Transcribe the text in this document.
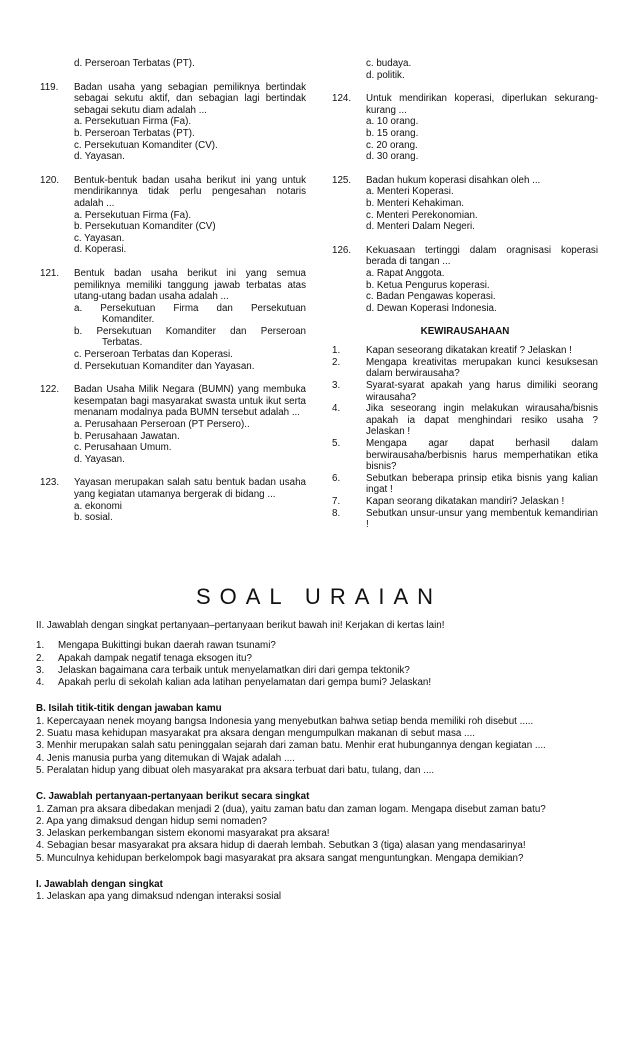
d. Perseroan Terbatas (PT).
119. Badan usaha yang sebagian pemiliknya bertindak sebagai sekutu aktif, dan sebagian lagi bertindak sebagai sekutu diam adalah ...
a. Persekutuan Firma (Fa).
b. Perseroan Terbatas (PT).
c. Persekutuan Komanditer (CV).
d. Yayasan.
120. Bentuk-bentuk badan usaha berikut ini yang untuk mendirikannya tidak perlu pengesahan notaris adalah ...
a. Persekutuan Firma (Fa).
b. Persekutuan Komanditer (CV)
c. Yayasan.
d. Koperasi.
121. Bentuk badan usaha berikut ini yang semua pemiliknya memiliki tanggung jawab terbatas atas utang-utang badan usaha adalah ...
a. Persekutuan Firma dan Persekutuan
Komanditer.
b. Persekutuan Komanditer dan Perseroan
Terbatas.
c. Perseroan Terbatas dan Koperasi.
d. Persekutuan Komanditer dan Yayasan.
122. Badan Usaha Milik Negara (BUMN) yang membuka kesempatan bagi masyarakat swasta untuk ikut serta menanam modalnya pada BUMN tersebut adalah ...
a. Perusahaan Perseroan (PT Persero)..
b. Perusahaan Jawatan.
c. Perusahaan Umum.
d. Yayasan.
123. Yayasan merupakan salah satu bentuk badan usaha yang kegiatan utamanya bergerak di bidang ...
a. ekonomi
b. sosial.
c. budaya.
d. politik.
124. Untuk mendirikan koperasi, diperlukan sekurang-kurang ...
a. 10 orang.
b. 15 orang.
c. 20 orang.
d. 30 orang.
125. Badan hukum koperasi disahkan oleh ...
a. Menteri Koperasi.
b. Menteri Kehakiman.
c. Menteri Perekonomian.
d. Menteri Dalam Negeri.
126. Kekuasaan tertinggi dalam oragnisasi koperasi berada di tangan ...
a. Rapat Anggota.
b. Ketua Pengurus koperasi.
c. Badan Pengawas koperasi.
d. Dewan Koperasi Indonesia.
KEWIRAUSAHAAN
1.	Kapan seseorang dikatakan kreatif ? Jelaskan !
2.	Mengapa kreativitas merupakan kunci kesuksesan dalam berwirausaha?
3.	Syarat-syarat apakah yang harus dimiliki seorang wirausaha?
4.	Jika seseorang ingin melakukan wirausaha/bisnis apakah ia dapat menghindari resiko usaha ? Jelaskan !
5.	Mengapa agar dapat berhasil dalam berwirausaha/berbisnis harus memperhatikan etika bisnis?
6.	Sebutkan beberapa prinsip etika bisnis yang kalian ingat !
7.	Kapan seorang dikatakan mandiri? Jelaskan !
8.	Sebutkan unsur-unsur yang membentuk kemandirian !
SOAL URAIAN

II. Jawablah dengan singkat pertanyaan–pertanyaan berikut bawah ini! Kerjakan di kertas lain!

1. Mengapa Bukittingi bukan daerah rawan tsunami?
2. Apakah dampak negatif tenaga eksogen itu?
3. Jelaskan bagaimana cara terbaik untuk menyelamatkan diri dari gempa tektonik?
4. Apakah perlu di sekolah kalian ada latihan penyelamatan dari gempa bumi? Jelaskan!

B. Isilah titik-titik dengan jawaban kamu

1. Kepercayaan nenek moyang bangsa Indonesia yang menyebutkan bahwa setiap benda memiliki roh disebut .....

2. Suatu masa kehidupan masyarakat pra aksara dengan mengumpulkan makanan di sebut masa ....

3. Menhir merupakan salah satu peninggalan sejarah dari zaman batu. Menhir erat hubungannya dengan kegiatan ....

4. Jenis manusia purba yang ditemukan di Wajak adalah ....

5. Peralatan hidup yang dibuat oleh masyarakat pra aksara terbuat dari batu, tulang, dan ....

C. Jawablah pertanyaan-pertanyaan berikut secara singkat

1. Zaman pra aksara dibedakan menjadi 2 (dua), yaitu zaman batu dan zaman logam. Mengapa disebut zaman batu?

2. Apa yang dimaksud dengan hidup semi nomaden?

3. Jelaskan perkembangan sistem ekonomi masyarakat pra aksara!

4. Sebagian besar masyarakat pra aksara hidup di daerah lembah. Sebutkan 3 (tiga) alasan yang mendasarinya!

5. Munculnya kehidupan berkelompok bagi masyarakat pra aksara sangat menguntungkan. Mengapa demikian?

I. Jawablah dengan singkat

1. Jelaskan apa yang dimaksud ndengan interaksi sosial
